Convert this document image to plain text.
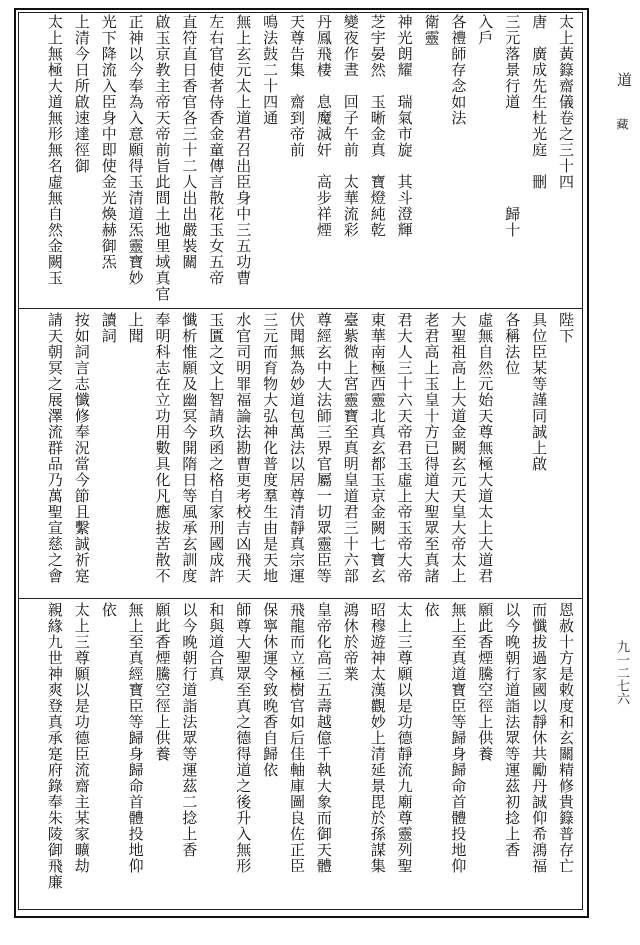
道
藏
九一二七六
太上黃籙齋儀卷之三十四
唐　廣成先生杜光庭　刪
三元落景行道　　　　　　歸十
入戶
各禮師存念如法
衛靈
神光朗耀　瑞氣市旋　其斗澄輝
芝宇晏然　玉晰金真　寶燈純乾
變夜作晝　回子午前　太華流彩
丹鳳飛棲　息魔滅奸　高步祥煙
天尊告集　齋到帝前
鳴法鼓二十四通
無上玄元太上道君召出臣身中三五功曹
左右官使者侍香金童傳言散花玉女五帝
直符直日香官各三十二人出出嚴裝關
啟玉京教主帝天帝前旨此間土地里域真官
正神以今奉為入意願得玉清道炁靈寶妙
光下降流入臣身中即使金光煥赫御炁
上清今日所啟速達徑御
太上無極大道無形無名虛無自然金闕玉
陛下
具位臣某等謹同誠上啟
各稱法位
虛無自然元始天尊無極大道太上大道君
大聖祖高上大道金闕玄元天皇大帝太上
老君高上玉皇十方已得道大聖眾至真諸
君大人三十六天帝君玉虛上帝玉帝大帝
東華南極西靈北真玄都玉京金闕七寶玄
臺紫微上宮靈寶至真明皇道君三十六部
尊經玄中大法師三界官屬一切眾靈臣等
伏聞無為妙道包萬法以居尊清靜真宗運
三元而育物大弘神化普度羣生由是天地
水官司明罪福論法勘曹更考校吉凶飛天
玉匱之文上智請玖函之格自家刑國成許
懺析惟願及幽冥今開隋日等風承玄訓度
奉明科志在立功用數具化凡應拔苦散不
上聞
讀詞
按如詞言志懺修奉況當今節且繫誠祈寔
請天朝冥之展澤流群品乃萬聖宣慈之會
恩赦十方是敕度和玄關精修貴籙普存亡
而懺拔過家國以靜休共勵丹誠仰希鴻福
以今晚朝行道詣法眾等運茲初捻上香
願此香煙騰空徑上供養
無上至真道寶臣等歸身歸命首體投地仰
依
太上三尊願以是功德靜流九廟尊靈列聖
昭穆遊神太漢觀妙上清延景毘於孫謀集
鴻休於帝業
皇帝化高三五壽越億千執大象而御天體
飛龍而立極樹官如后佳軸庫圖良佐正臣
保寧休運令致晚香自歸依
師尊大聖眾至真之德得道之後升入無形
和與道合真
以今晚朝行道詣法眾等運茲二捻上香
願此香煙騰空徑上供養
無上至真經寶臣等歸身歸命首體投地仰
依
太上三尊願以是功德臣流齋主某家曠劫
親緣九世神爽登真承寔府錄奉朱陵御飛廉
